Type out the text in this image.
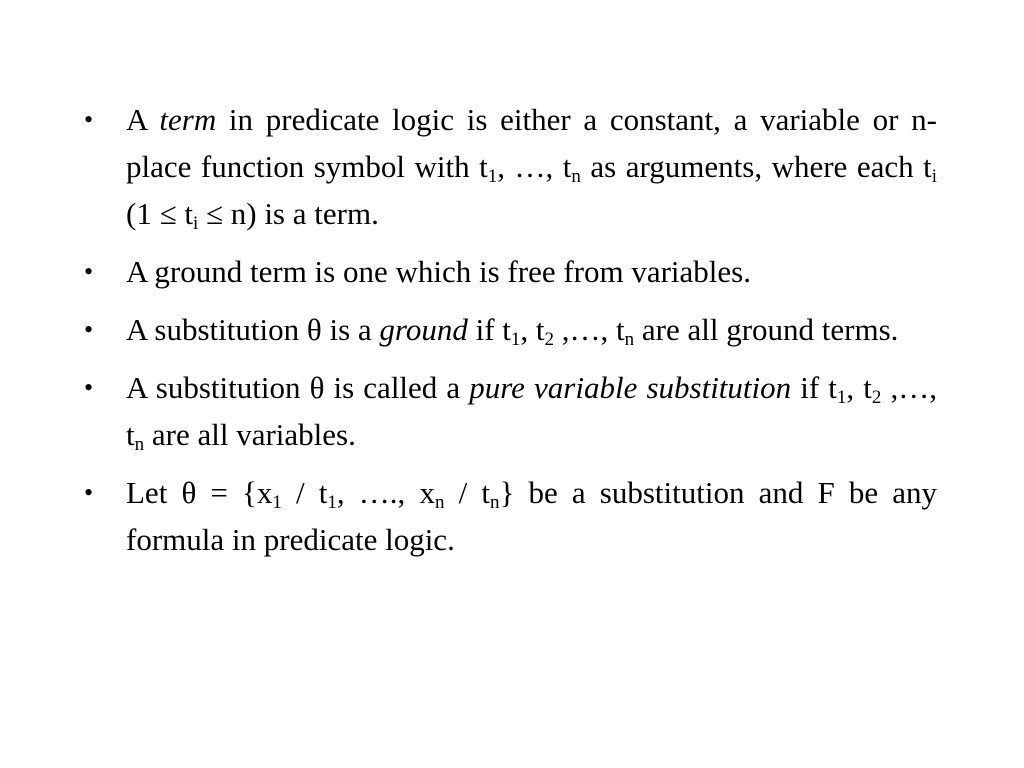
•	A term in predicate logic is either a constant, a variable or n-place function symbol with $t_1$, …, $t_n$ as arguments, where each $t_i$ $(1 \le t_i \le n)$ is a term.
•	A ground term is one which is free from variables.
•	A substitution θ is a ground if $t_1$, $t_2$ ,…, $t_n$ are all ground terms.
•	A substitution θ is called a pure variable substitution if $t_1$, $t_2$ ,…, $t_n$ are all variables.
•	Let $\theta = \{x_1 / t_1$, …., $x_n / t_n$} be a substitution and F be any formula in predicate logic.
